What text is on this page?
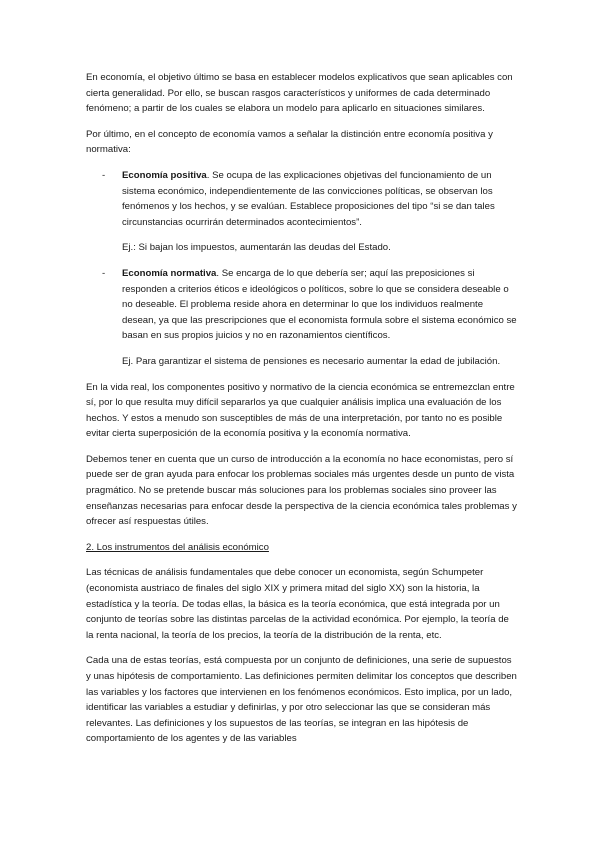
En economía, el objetivo último se basa en establecer modelos explicativos que sean aplicables con cierta generalidad. Por ello, se buscan rasgos característicos y uniformes de cada determinado fenómeno; a partir de los cuales se elabora un modelo para aplicarlo en situaciones similares.

Por último, en el concepto de economía vamos a señalar la distinción entre economía positiva y normativa:

- Economía positiva. Se ocupa de las explicaciones objetivas del funcionamiento de un sistema económico, independientemente de las convicciones políticas, se observan los fenómenos y los hechos, y se evalúan. Establece proposiciones del tipo “si se dan tales circunstancias ocurrirán determinados acontecimientos”.
Ej.: Si bajan los impuestos, aumentarán las deudas del Estado.
- Economía normativa. Se encarga de lo que debería ser; aquí las preposiciones si responden a criterios éticos e ideológicos o políticos, sobre lo que se considera deseable o no deseable. El problema reside ahora en determinar lo que los individuos realmente desean, ya que las prescripciones que el economista formula sobre el sistema económico se basan en sus propios juicios y no en razonamientos científicos.
Ej. Para garantizar el sistema de pensiones es necesario aumentar la edad de jubilación.

En la vida real, los componentes positivo y normativo de la ciencia económica se entremezclan entre sí, por lo que resulta muy difícil separarlos ya que cualquier análisis implica una evaluación de los hechos. Y estos a menudo son susceptibles de más de una interpretación, por tanto no es posible evitar cierta superposición de la economía positiva y la economía normativa.

Debemos tener en cuenta que un curso de introducción a la economía no hace economistas, pero sí puede ser de gran ayuda para enfocar los problemas sociales más urgentes desde un punto de vista pragmático. No se pretende buscar más soluciones para los problemas sociales sino proveer las enseñanzas necesarias para enfocar desde la perspectiva de la ciencia económica tales problemas y ofrecer así respuestas útiles.

2. Los instrumentos del análisis económico

Las técnicas de análisis fundamentales que debe conocer un economista, según Schumpeter (economista austriaco de finales del siglo XIX y primera mitad del siglo XX) son la historia, la estadística y la teoría. De todas ellas, la básica es la teoría económica, que está integrada por un conjunto de teorías sobre las distintas parcelas de la actividad económica. Por ejemplo, la teoría de la renta nacional, la teoría de los precios, la teoría de la distribución de la renta, etc.

Cada una de estas teorías, está compuesta por un conjunto de definiciones, una serie de supuestos y unas hipótesis de comportamiento. Las definiciones permiten delimitar los conceptos que describen las variables y los factores que intervienen en los fenómenos económicos. Esto implica, por un lado, identificar las variables a estudiar y definirlas, y por otro seleccionar las que se consideran más relevantes. Las definiciones y los supuestos de las teorías, se integran en las hipótesis de comportamiento de los agentes y de las variables
